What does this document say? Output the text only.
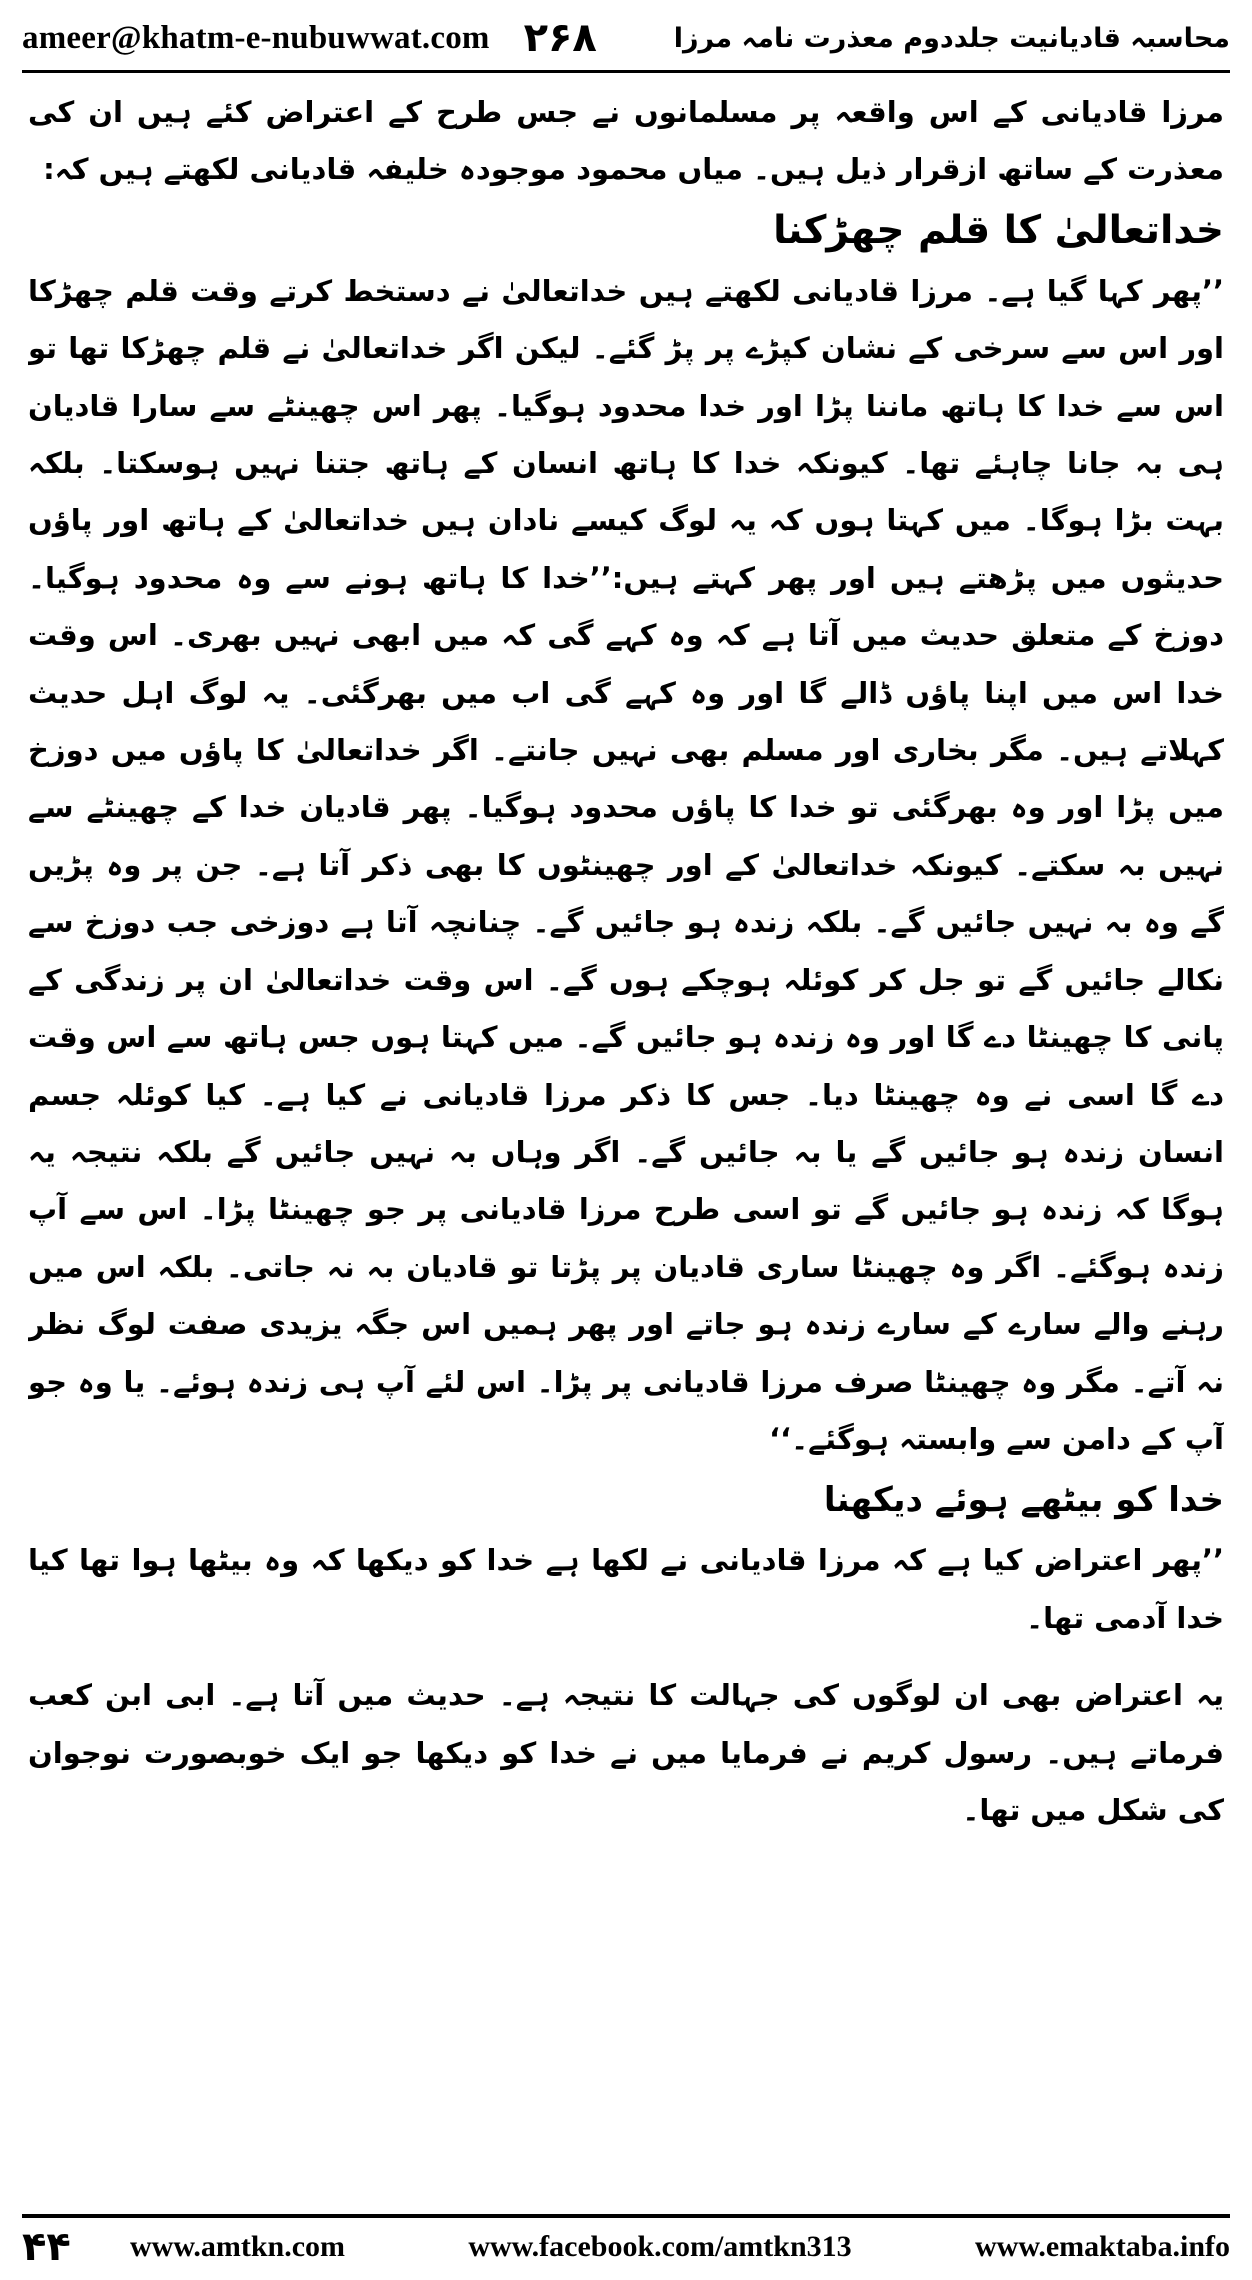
ameer@khatm-e-nubuwwat.com ۲۶۸	محاسبہ قادیانیت جلددوم معذرت نامہ مرزا

مرزا قادیانی کے اس واقعہ پر مسلمانوں نے جس طرح کے اعتراض کئے ہیں ان کی معذرت کے ساتھ ازقرار ذیل ہیں۔ میاں محمود موجودہ خلیفہ قادیانی لکھتے ہیں کہ:

خداتعالیٰ کا قلم چھڑکنا

’’پھر کہا گیا ہے۔ مرزا قادیانی لکھتے ہیں خداتعالیٰ نے دستخط کرتے وقت قلم چھڑکا اور اس سے سرخی کے نشان کپڑے پر پڑ گئے۔ لیکن اگر خداتعالیٰ نے قلم چھڑکا تھا تو اس سے خدا کا ہاتھ ماننا پڑا اور خدا محدود ہوگیا۔ پھر اس چھینٹے سے سارا قادیان ہی بہ جانا چاہئے تھا۔ کیونکہ خدا کا ہاتھ انسان کے ہاتھ جتنا نہیں ہوسکتا۔ بلکہ بہت بڑا ہوگا۔ میں کہتا ہوں کہ یہ لوگ کیسے نادان ہیں خداتعالیٰ کے ہاتھ اور پاؤں حدیثوں میں پڑھتے ہیں اور پھر کہتے ہیں:’’خدا کا ہاتھ ہونے سے وہ محدود ہوگیا۔ دوزخ کے متعلق حدیث میں آتا ہے کہ وہ کہے گی کہ میں ابھی نہیں بھری۔ اس وقت خدا اس میں اپنا پاؤں ڈالے گا اور وہ کہے گی اب میں بھرگئی۔ یہ لوگ اہل حدیث کہلاتے ہیں۔ مگر بخاری اور مسلم بھی نہیں جانتے۔ اگر خداتعالیٰ کا پاؤں میں دوزخ میں پڑا اور وہ بھرگئی تو خدا کا پاؤں محدود ہوگیا۔ پھر قادیان خدا کے چھینٹے سے نہیں بہ سکتے۔ کیونکہ خداتعالیٰ کے اور چھینٹوں کا بھی ذکر آتا ہے۔ جن پر وہ پڑیں گے وہ بہ نہیں جائیں گے۔ بلکہ زندہ ہو جائیں گے۔ چنانچہ آتا ہے دوزخی جب دوزخ سے نکالے جائیں گے تو جل کر کوئلہ ہوچکے ہوں گے۔ اس وقت خداتعالیٰ ان پر زندگی کے پانی کا چھینٹا دے گا اور وہ زندہ ہو جائیں گے۔ میں کہتا ہوں جس ہاتھ سے اس وقت دے گا اسی نے وہ چھینٹا دیا۔ جس کا ذکر مرزا قادیانی نے کیا ہے۔ کیا کوئلہ جسم انسان زندہ ہو جائیں گے یا بہ جائیں گے۔ اگر وہاں بہ نہیں جائیں گے بلکہ نتیجہ یہ ہوگا کہ زندہ ہو جائیں گے تو اسی طرح مرزا قادیانی پر جو چھینٹا پڑا۔ اس سے آپ زندہ ہوگئے۔ اگر وہ چھینٹا ساری قادیان پر پڑتا تو قادیان بہ نہ جاتی۔ بلکہ اس میں رہنے والے سارے کے سارے زندہ ہو جاتے اور پھر ہمیں اس جگہ یزیدی صفت لوگ نظر نہ آتے۔ مگر وہ چھینٹا صرف مرزا قادیانی پر پڑا۔ اس لئے آپ ہی زندہ ہوئے۔ یا وہ جو آپ کے دامن سے وابستہ ہوگئے۔‘‘

خدا کو بیٹھے ہوئے دیکھنا

’’پھر اعتراض کیا ہے کہ مرزا قادیانی نے لکھا ہے خدا کو دیکھا کہ وہ بیٹھا ہوا تھا کیا خدا آدمی تھا۔

یہ اعتراض بھی ان لوگوں کی جہالت کا نتیجہ ہے۔ حدیث میں آتا ہے۔ ابی ابن کعب فرماتے ہیں۔ رسول کریم نے فرمایا میں نے خدا کو دیکھا جو ایک خوبصورت نوجوان کی شکل میں تھا۔

۴۴	www.amtkn.com	www.facebook.com/amtkn313	www.emaktaba.info
